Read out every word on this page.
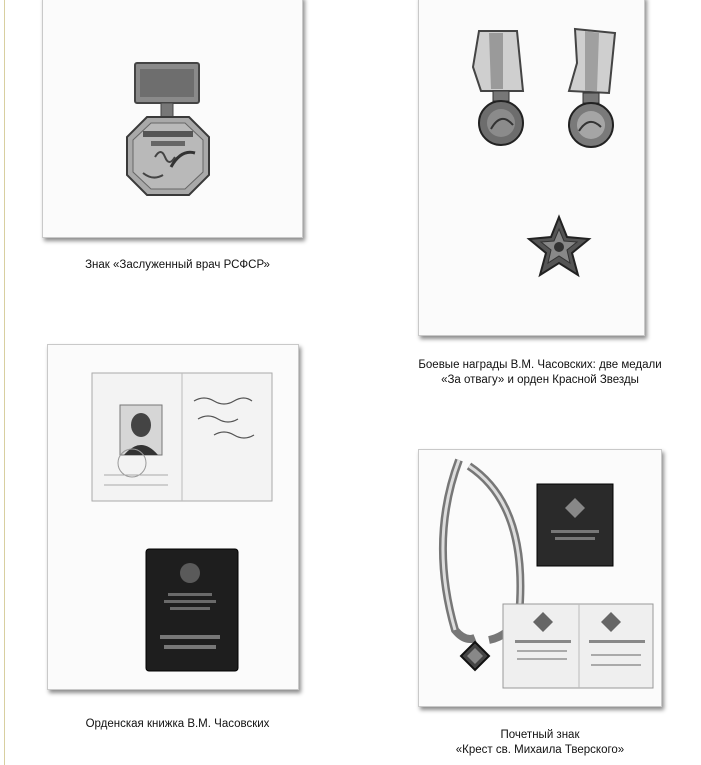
Знак «Заслуженный врач РСФСР»
Боевые награды В.М. Часовских: две медали
«За отвагу» и орден Красной Звезды
Орденская книжка В.М. Часовских
Почетный знак
«Крест св. Михаила Тверского»
